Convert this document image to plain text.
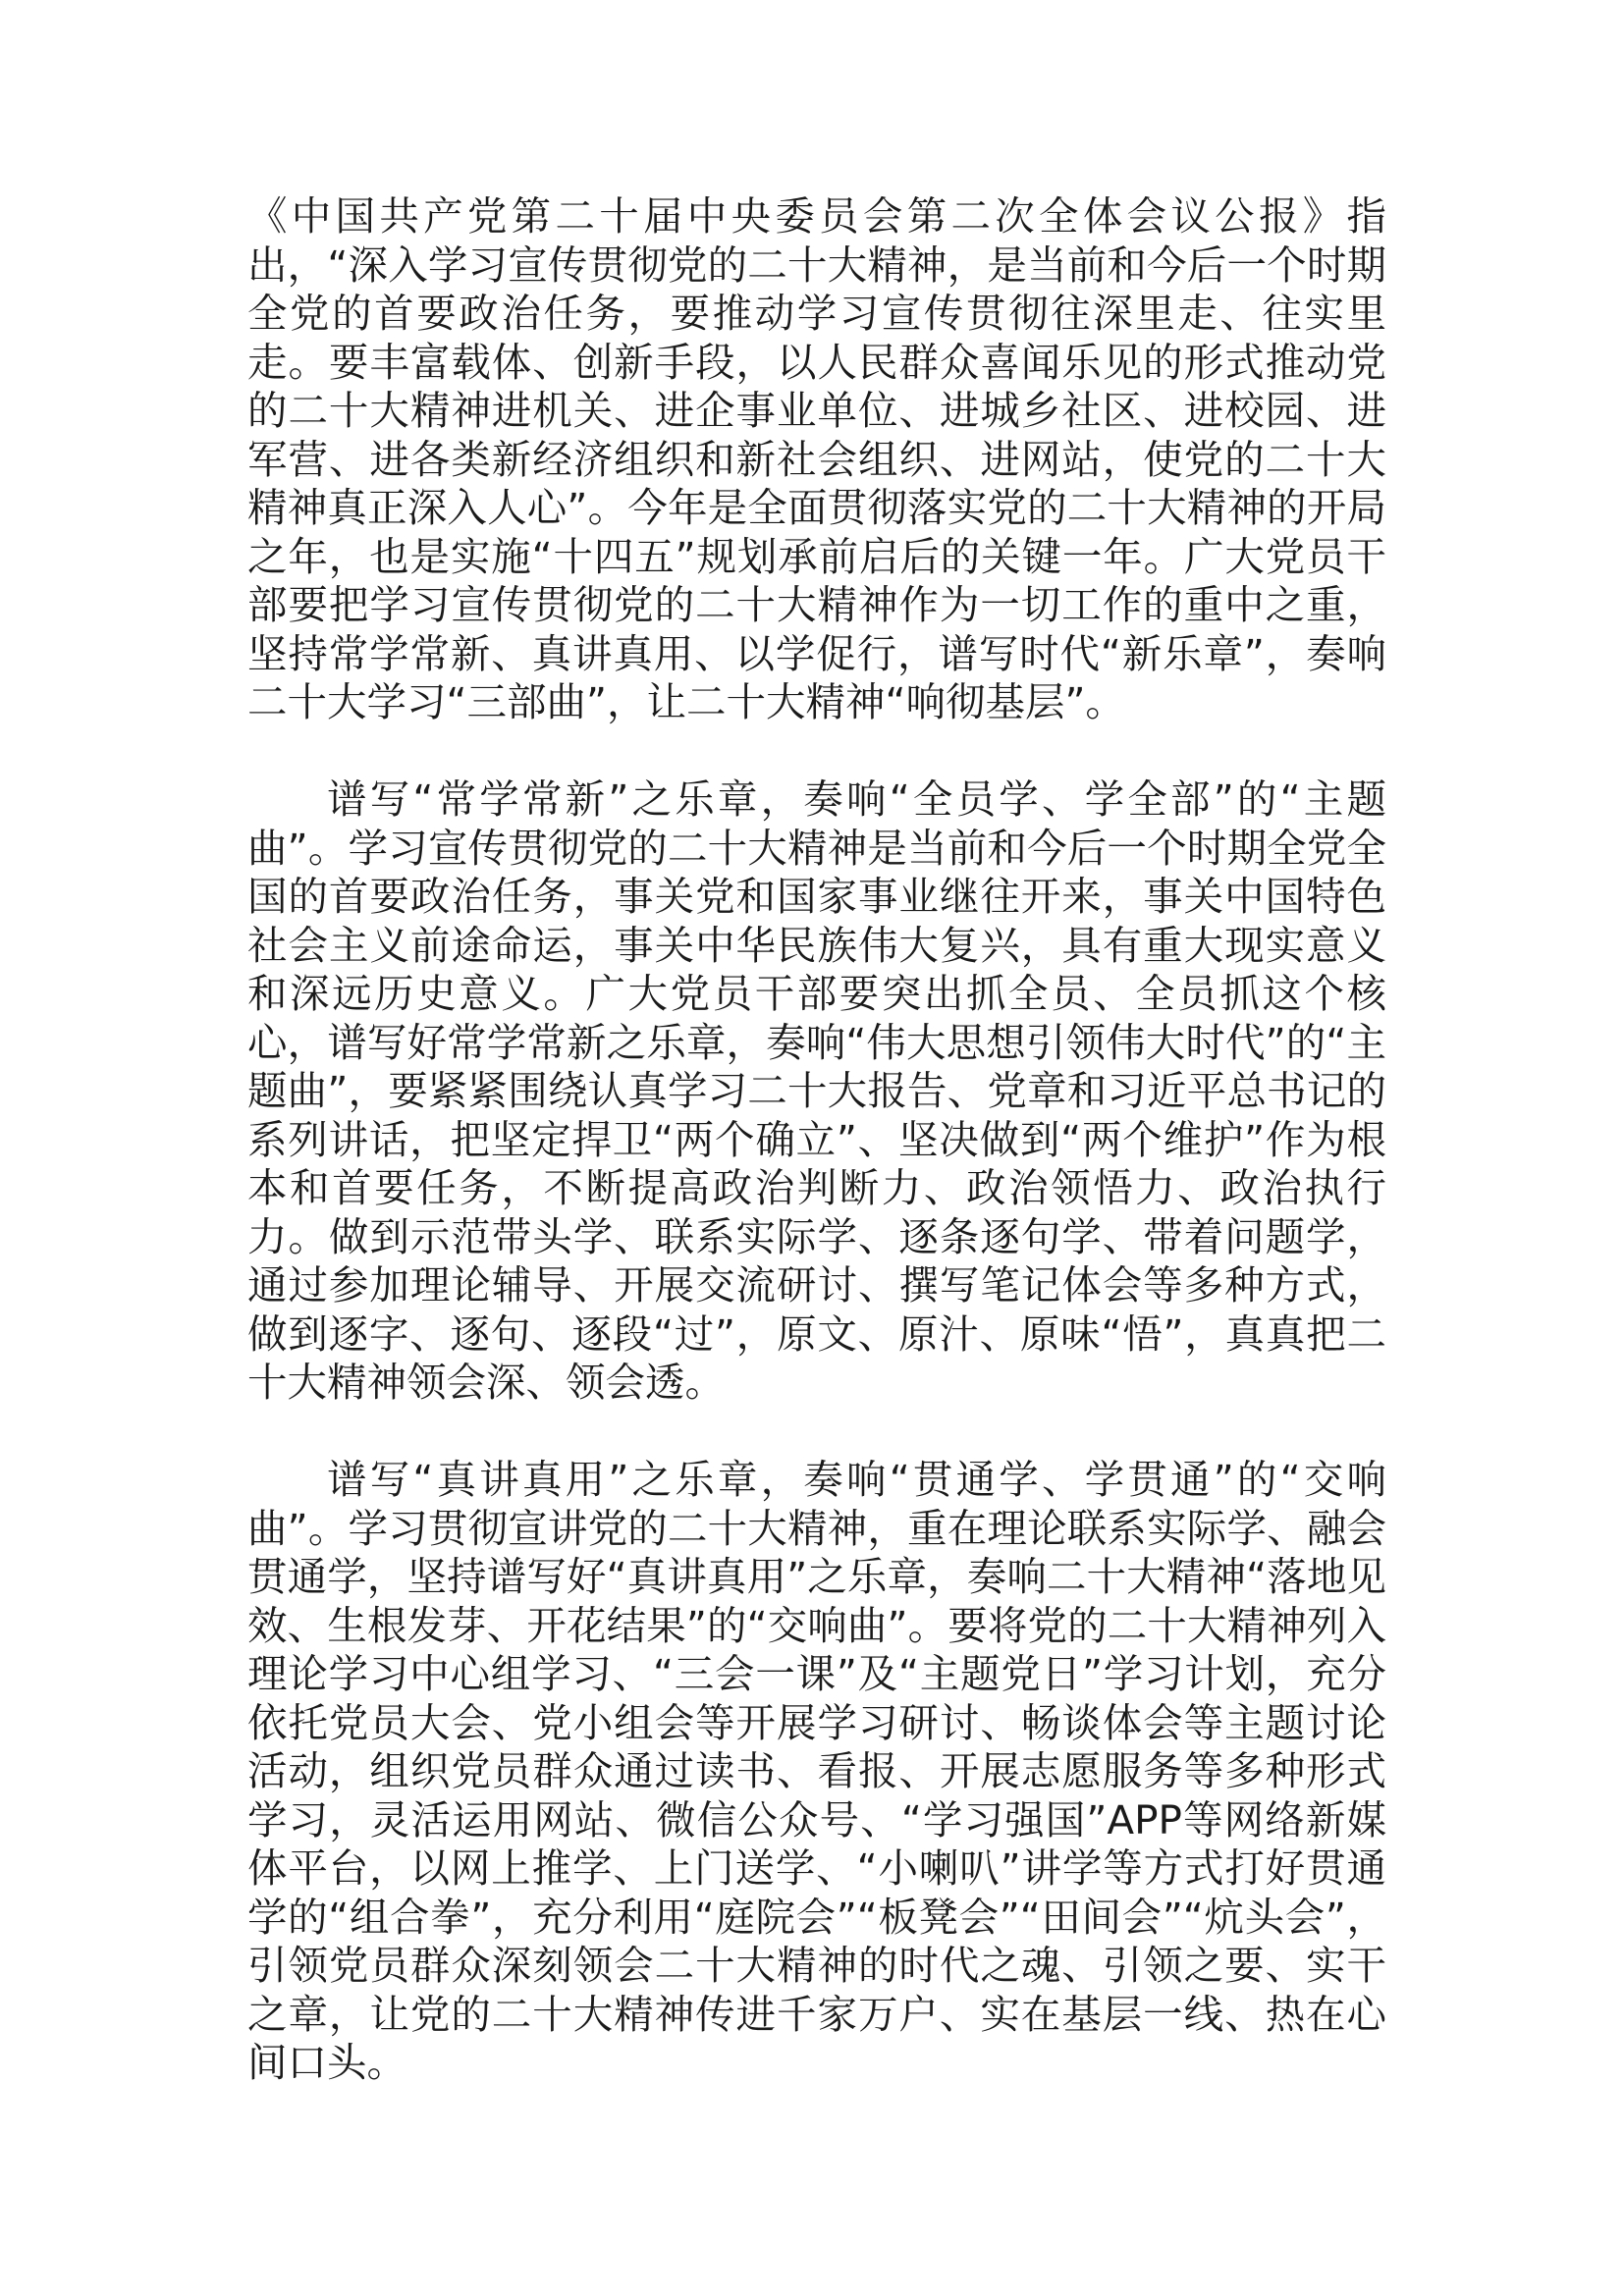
《中国共产党第二十届中央委员会第二次全体会议公报》指出，“深入学习宣传贯彻党的二十大精神，是当前和今后一个时期全党的首要政治任务，要推动学习宣传贯彻往深里走、往实里走。要丰富载体、创新手段，以人民群众喜闻乐见的形式推动党的二十大精神进机关、进企事业单位、进城乡社区、进校园、进军营、进各类新经济组织和新社会组织、进网站，使党的二十大精神真正深入人心”。今年是全面贯彻落实党的二十大精神的开局之年，也是实施“十四五”规划承前启后的关键一年。广大党员干部要把学习宣传贯彻党的二十大精神作为一切工作的重中之重，坚持常学常新、真讲真用、以学促行，谱写时代“新乐章”，奏响二十大学习“三部曲”，让二十大精神“响彻基层”。

谱写“常学常新”之乐章，奏响“全员学、学全部”的“主题曲”。学习宣传贯彻党的二十大精神是当前和今后一个时期全党全国的首要政治任务，事关党和国家事业继往开来，事关中国特色社会主义前途命运，事关中华民族伟大复兴，具有重大现实意义和深远历史意义。广大党员干部要突出抓全员、全员抓这个核心，谱写好常学常新之乐章，奏响“伟大思想引领伟大时代”的“主题曲”，要紧紧围绕认真学习二十大报告、党章和习近平总书记的系列讲话，把坚定捍卫“两个确立”、坚决做到“两个维护”作为根本和首要任务，不断提高政治判断力、政治领悟力、政治执行力。做到示范带头学、联系实际学、逐条逐句学、带着问题学，通过参加理论辅导、开展交流研讨、撰写笔记体会等多种方式，做到逐字、逐句、逐段“过”，原文、原汁、原味“悟”，真真把二十大精神领会深、领会透。

谱写“真讲真用”之乐章，奏响“贯通学、学贯通”的“交响曲”。学习贯彻宣讲党的二十大精神，重在理论联系实际学、融会贯通学，坚持谱写好“真讲真用”之乐章，奏响二十大精神“落地见效、生根发芽、开花结果”的“交响曲”。要将党的二十大精神列入理论学习中心组学习、“三会一课”及“主题党日”学习计划，充分依托党员大会、党小组会等开展学习研讨、畅谈体会等主题讨论活动，组织党员群众通过读书、看报、开展志愿服务等多种形式学习，灵活运用网站、微信公众号、“学习强国”APP等网络新媒体平台，以网上推学、上门送学、“小喇叭”讲学等方式打好贯通学的“组合拳”，充分利用“庭院会”“板凳会”“田间会”“炕头会”，引领党员群众深刻领会二十大精神的时代之魂、引领之要、实干之章，让党的二十大精神传进千家万户、实在基层一线、热在心间口头。
